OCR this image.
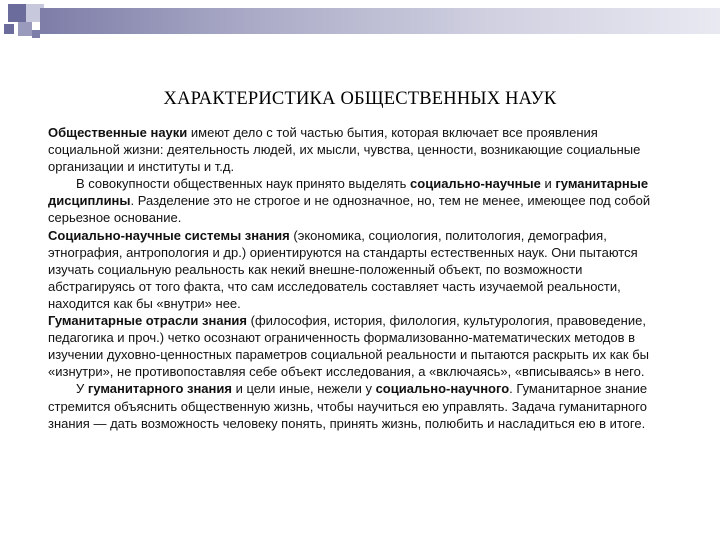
ХАРАКТЕРИСТИКА ОБЩЕСТВЕННЫХ НАУК

Общественные науки имеют дело с той частью бытия, которая включает все проявления социальной жизни: деятельность людей, их мысли, чувства, ценности, возникающие социальные организации и институты и т.д.

В совокупности общественных наук принято выделять социально-научные и гуманитарные дисциплины. Разделение это не строгое и не однозначное, но, тем не менее, имеющее под собой серьезное основание.

Социально-научные системы знания (экономика, социология, политология, демография, этнография, антропология и др.) ориентируются на стандарты естественных наук. Они пытаются изучать социальную реальность как некий внешне-положенный объект, по возможности абстрагируясь от того факта, что сам исследователь составляет часть изучаемой реальности, находится как бы «внутри» нее.

Гуманитарные отрасли знания (философия, история, филология, культурология, правоведение, педагогика и проч.) четко осознают ограниченность формализованно-математических методов в изучении духовно-ценностных параметров социальной реальности и пытаются раскрыть их как бы «изнутри», не противопоставляя себе объект исследования, а «включаясь», «вписываясь» в него.

У гуманитарного знания и цели иные, нежели у социально-научного. Гуманитарное знание стремится объяснить общественную жизнь, чтобы научиться ею управлять. Задача гуманитарного знания — дать возможность человеку понять, принять жизнь, полюбить и насладиться ею в итоге.
